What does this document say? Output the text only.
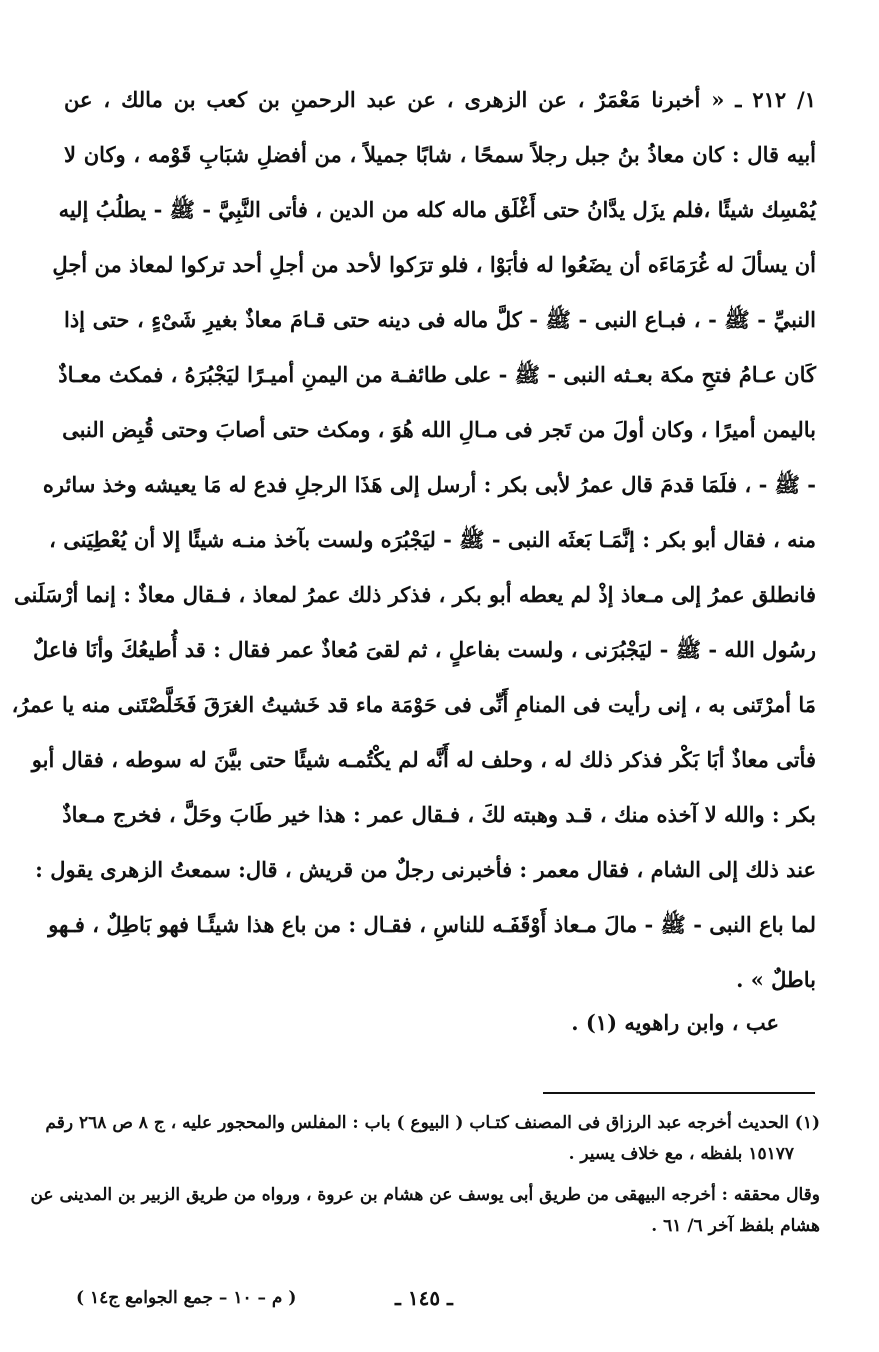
١/ ٢١٢ ـ « أخبرنا مَعْمَرٌ ، عن الزهرى ، عن عبد الرحمنِ بن كعب بن مالك ، عن
أبيه قال : كان معاذُ بنُ جبل رجلاً سمحًا ، شابًا جميلاً ، من أفضلِ شبَابِ قَوْمه ، وكان لا
يُمْسِك شيئًا ،فلم يزَل يدَّانُ حتى أَغْلَق ماله كله من الدين ، فأتى النَّبِيَّ - ﷺ - يطلُبُ إليه
أن يسألَ له غُرَمَاءَه أن يضَعُوا له فأبَوْا ، فلو ترَكوا لأحد من أجلِ أحد تركوا لمعاذ من أجلِ
النبيِّ - ﷺ - ، فبـاع النبى - ﷺ - كلَّ ماله فى دينه حتى قـامَ معاذٌ بغيرِ شَىْءٍ ، حتى إذا
كَان عـامُ فتحِ مكة بعـثه النبى - ﷺ - على طائفـة من اليمنِ أميـرًا ليَجْبُرَهُ ، فمكث معـاذٌ
باليمن أميرًا ، وكان أولَ من تَجر فى مـالِ الله هُوَ ، ومكث حتى أصابَ وحتى قُبِض النبى
- ﷺ - ، فلَمَا قدمَ قال عمرُ لأبى بكر : أرسل إلى هَذَا الرجلِ فدع له مَا يعيشه وخذ سائره
منه ، فقال أبو بكر : إنَّمَـا بَعثَه النبى - ﷺ - ليَجْبُرَه ولست بآخذ منـه شيئًا إلا أن يُعْطِيَنى ،
فانطلق عمرُ إلى مـعاذ إذْ لم يعطه أبو بكر ، فذكر ذلك عمرُ لمعاذ ، فـقال معاذٌ : إنما أرْسَلَنى
رسُول الله - ﷺ - ليَجْبُرَنى ، ولست بفاعلٍ ، ثم لقىَ مُعاذٌ عمر فقال : قد أُطيعُكَ وأنَا فاعلٌ
مَا أمرْتَنى به ، إنى رأيت فى المنامِ أَنِّى فى حَوْمَة ماء قد خَشيتُ الغرَقَ فَخَلَّصْتَنى منه يا عمرُ،
فأتى معاذٌ أبَا بَكْر فذكر ذلك له ، وحلف له أَنَّه لم يكْتُمـه شيئًا حتى بيَّنَ له سوطه ، فقال أبو
بكر : والله لا آخذه منك ، قـد وهبته لكَ ، فـقال عمر : هذا خير طَابَ وحَلَّ ، فخرج مـعاذٌ
عند ذلك إلى الشام ، فقال معمر : فأخبرنى رجلٌ من قريش ، قال: سمعتُ الزهرى يقول :
لما باع النبى - ﷺ - مالَ مـعاذ أَوْقَفَـه للناسِ ، فقـال : من باع هذا شيئًـا فهو بَاطِلٌ ، فـهو
باطلٌ » .
عب ، وابن راهويه (١) .
(١) الحديث أخرجه عبد الرزاق فى المصنف كتـاب ( البيوع ) باب : المفلس والمحجور عليه ، ج ٨ ص ٢٦٨ رقم
١٥١٧٧ بلفظه ، مع خلاف يسير .
وقال محققه : أخرجه البيهقى من طريق أبى يوسف عن هشام بن عروة ، ورواه من طريق الزبير بن المدينى عن
هشام بلفظ آخر ٦/ ٦١ .
ـ ١٤٥ ـ
( م – ١٠ – جمع الجوامع ج١٤ )
